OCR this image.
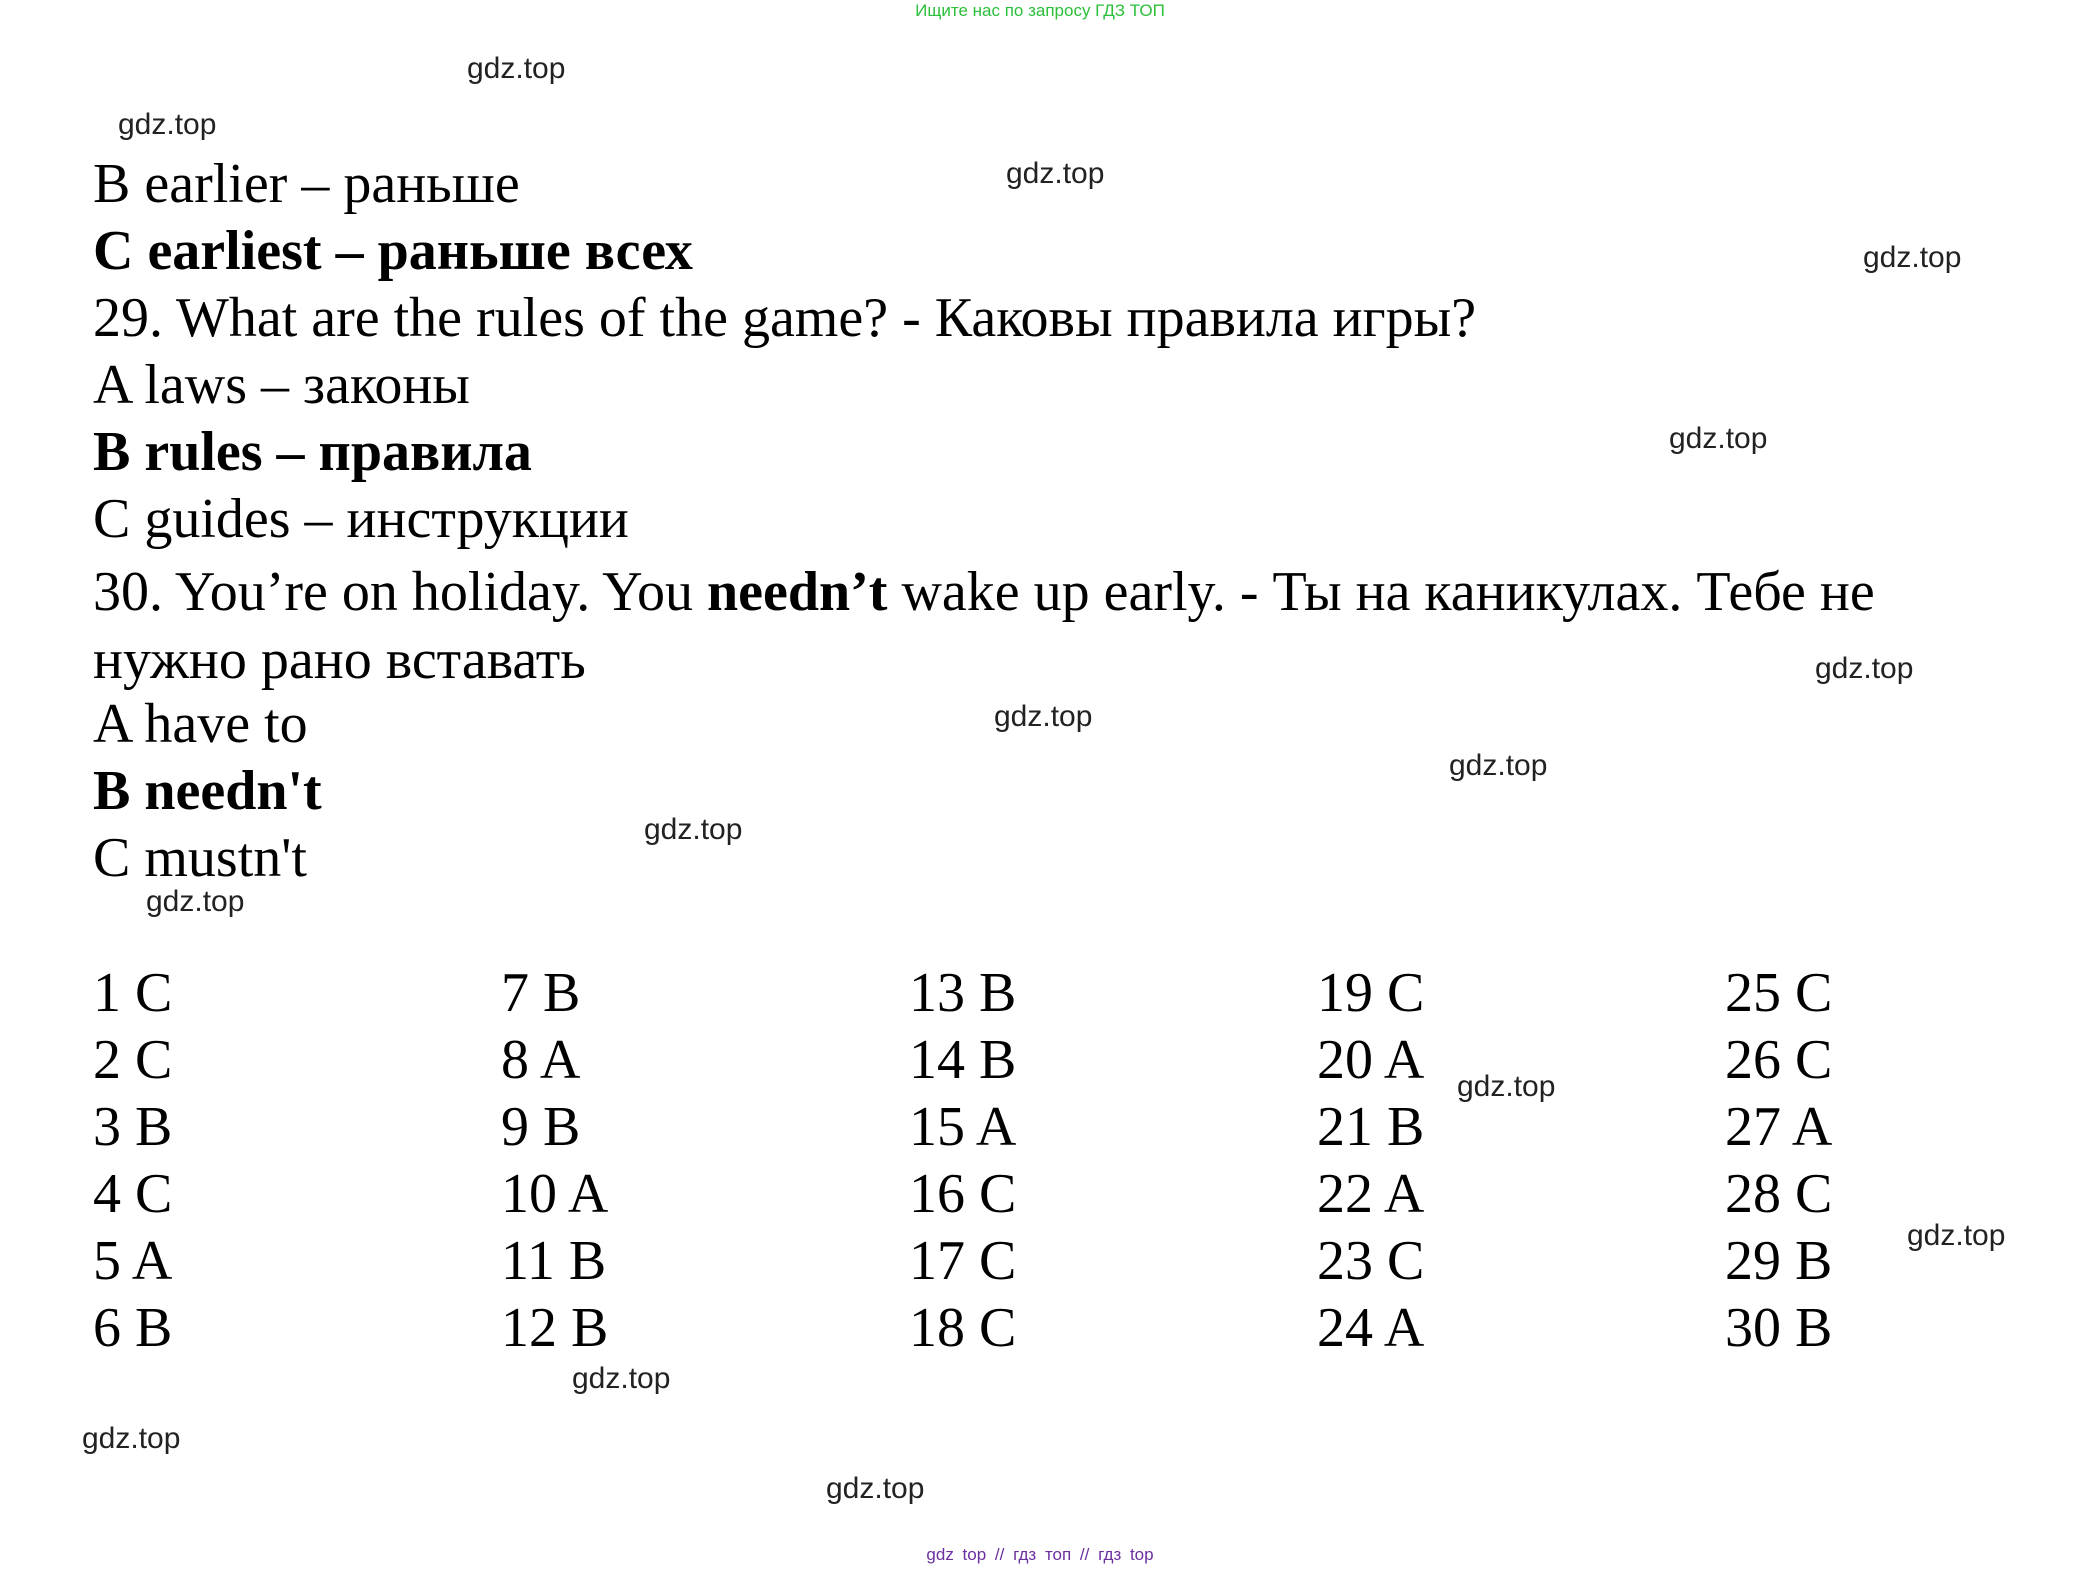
Ищите нас по запросу ГДЗ ТОП
B earlier – раньше
C earliest – раньше всех
29. What are the rules of the game? - Каковы правила игры?
A laws – законы
B rules – правила
C guides – инструкции
30. You’re on holiday. You needn’t wake up early. - Ты на каникулах. Тебе не нужно рано вставать
A have to
B needn't
C mustn't
1 C
2 C
3 B
4 C
5 A
6 B
7 B
8 A
9 B
10 A
11 B
12 B
13 B
14 B
15 A
16 C
17 C
18 C
19 C
20 A
21 B
22 A
23 C
24 A
25 C
26 C
27 A
28 C
29 B
30 B
gdz.top
gdz.top
gdz.top
gdz.top
gdz.top
gdz.top
gdz.top
gdz.top
gdz.top
gdz.top
gdz.top
gdz.top
gdz.top
gdz.top
gdz.top
gdz top // гдз топ // гдз top
